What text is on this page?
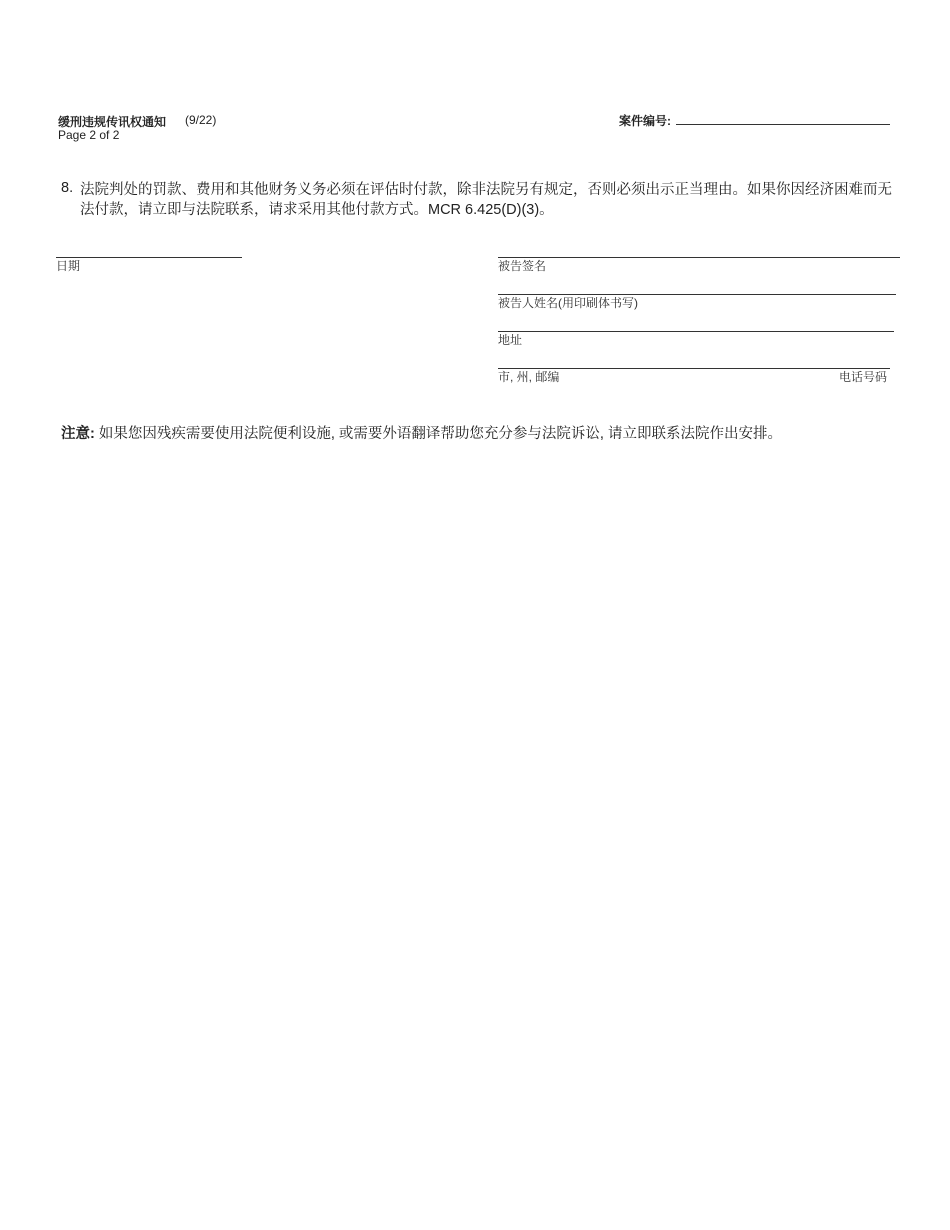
缓刑违规传讯权通知 (9/22)
Page 2 of 2
案件编号:
8. 法院判处的罚款、费用和其他财务义务必须在评估时付款，除非法院另有规定，否则必须出示正当理由。如果你因经济困难而无法付款，请立即与法院联系，请求采用其他付款方式。MCR 6.425(D)(3)。
日期	被告签名
被告人姓名(用印刷体书写)
地址
市, 州, 邮编	电话号码
注意: 如果您因残疾需要使用法院便利设施, 或需要外语翻译帮助您充分参与法院诉讼, 请立即联系法院作出安排。
